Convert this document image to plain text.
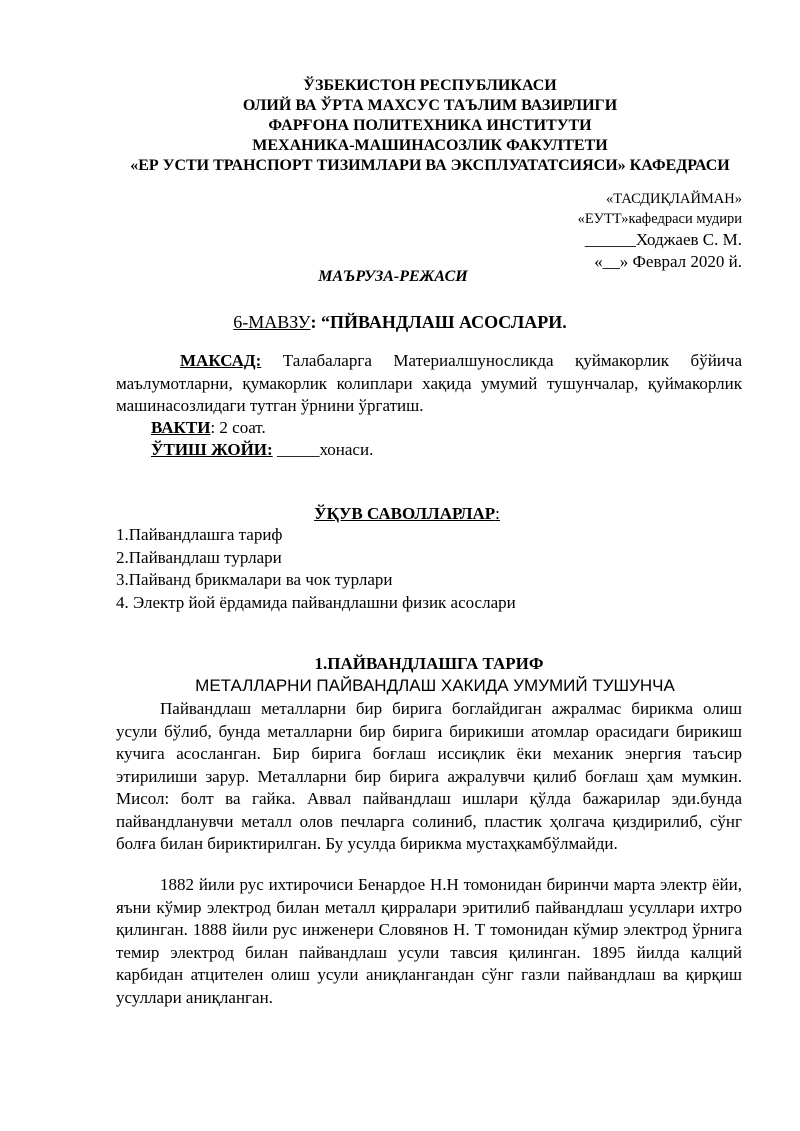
ЎЗБЕКИСТОН РЕСПУБЛИКАСИ
ОЛИЙ ВА ЎРТА МАХСУС ТАЪЛИМ ВАЗИРЛИГИ
ФАРҒОНА ПОЛИТЕХНИКА ИНСТИТУТИ
МЕХАНИКА-МАШИНАСОЗЛИК ФАКУЛТЕТИ
«ЕР УСТИ ТРАНСПОРТ ТИЗИМЛАРИ ВА ЭКСПЛУАТАТСИЯСИ» КАФЕДРАСИ
«ТАСДИҚЛАЙМАН»
«ЕУТТ»кафедраси мудири
______Ходжаев С. М.
«__» Феврал 2020 й.
МАЪРУЗА-РЕЖАСИ
6-МАВЗУ: “ПЙВАНДЛАШ АСОСЛАРИ.
МАКСАД: Талабаларга Материалшуносликда қуймакорлик бўйича маълумотларни, қумакорлик колиплари хақида умумий тушунчалар, қуймакорлик машинасозлидаги тутган ўрнини ўргатиш.
ВАКТИ: 2 соат.
ЎТИШ ЖОЙИ: _____хонаси.
ЎҚУВ САВОЛЛАРЛАР:
1.Пайвандлашга тариф
2.Пайвандлаш турлари
3.Пайванд брикмалари ва чок турлари
4. Электр йой ёрдамида пайвандлашни физик асослари
1.ПАЙВАНДЛАШГА ТАРИФ
МЕТАЛЛАРНИ ПАЙВАНДЛАШ ХАКИДА УМУМИЙ ТУШУНЧА
Пайвандлаш металларни бир бирига боглайдиган ажралмас бирикма олиш усули бўлиб, бунда металларни бир бирига бирикиши атомлар орасидаги бирикиш кучига асосланган. Бир бирига боғлаш иссиқлик ёки механик энергия таъсир этирилиши зарур. Металларни бир бирига ажралувчи қилиб боғлаш ҳам мумкин. Мисол: болт ва гайка. Аввал пайвандлаш ишлари қўлда бажарилар эди.бунда пайвандланувчи металл олов печларга солиниб, пластик ҳолгача қиздирилиб, сўнг болға билан бириктирилган. Бу усулда бирикма мустаҳкамбўлмайди.
1882 йили рус ихтирочиси Бенардое Н.Н томонидан биринчи марта электр ёйи, яъни кўмир электрод билан металл қирралари эритилиб пайвандлаш усуллари ихтро қилинган. 1888 йили рус инженери Словянов Н. Т томонидан кўмир электрод ўрнига темир электрод билан пайвандлаш усули тавсия қилинган. 1895 йилда калций карбидан атцителен олиш усули аниқлангандан сўнг газли пайвандлаш ва қирқиш усуллари аниқланган.
